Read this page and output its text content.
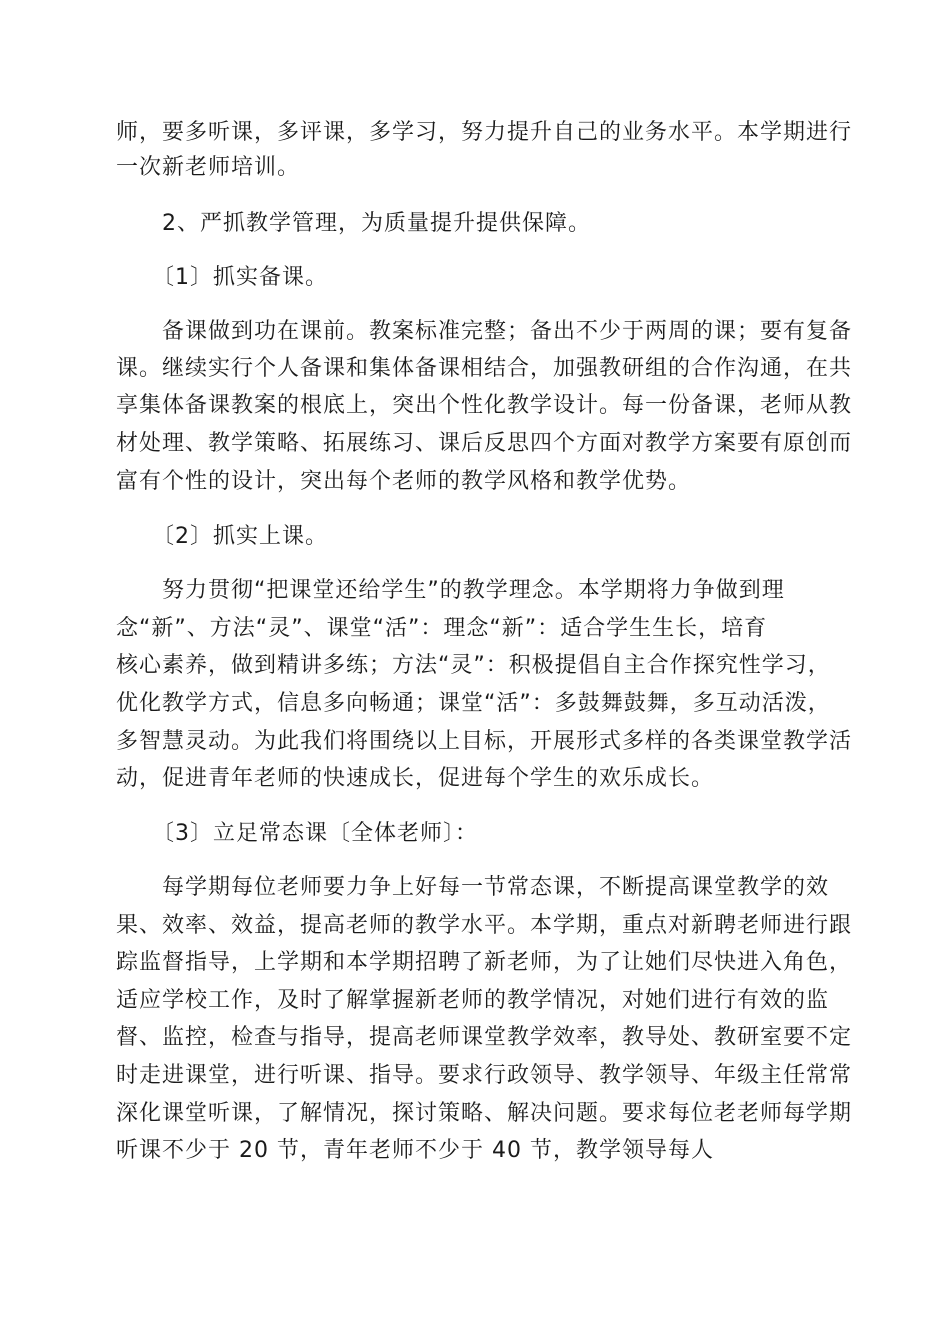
师，要多听课，多评课，多学习，努力提升自己的业务水平。本学期进行
一次新老师培训。
2、严抓教学管理，为质量提升提供保障。
〔1〕抓实备课。
备课做到功在课前。教案标准完整；备出不少于两周的课；要有复备
课。继续实行个人备课和集体备课相结合，加强教研组的合作沟通，在共
享集体备课教案的根底上，突出个性化教学设计。每一份备课，老师从教
材处理、教学策略、拓展练习、课后反思四个方面对教学方案要有原创而
富有个性的设计，突出每个老师的教学风格和教学优势。
〔2〕抓实上课。
努力贯彻“把课堂还给学生”的教学理念。本学期将力争做到理
念“新”、方法“灵”、课堂“活”：理念“新”：适合学生生长，培育
核心素养，做到精讲多练；方法“灵”：积极提倡自主合作探究性学习，
优化教学方式，信息多向畅通；课堂“活”：多鼓舞鼓舞，多互动活泼，
多智慧灵动。为此我们将围绕以上目标，开展形式多样的各类课堂教学活
动，促进青年老师的快速成长，促进每个学生的欢乐成长。
〔3〕立足常态课〔全体老师〕：
每学期每位老师要力争上好每一节常态课，不断提高课堂教学的效
果、效率、效益，提高老师的教学水平。本学期，重点对新聘老师进行跟
踪监督指导，上学期和本学期招聘了新老师，为了让她们尽快进入角色，
适应学校工作，及时了解掌握新老师的教学情况，对她们进行有效的监
督、监控，检查与指导，提高老师课堂教学效率，教导处、教研室要不定
时走进课堂，进行听课、指导。要求行政领导、教学领导、年级主任常常
深化课堂听课，了解情况，探讨策略、解决问题。要求每位老老师每学期
听课不少于 20 节，青年老师不少于 40 节，教学领导每人
